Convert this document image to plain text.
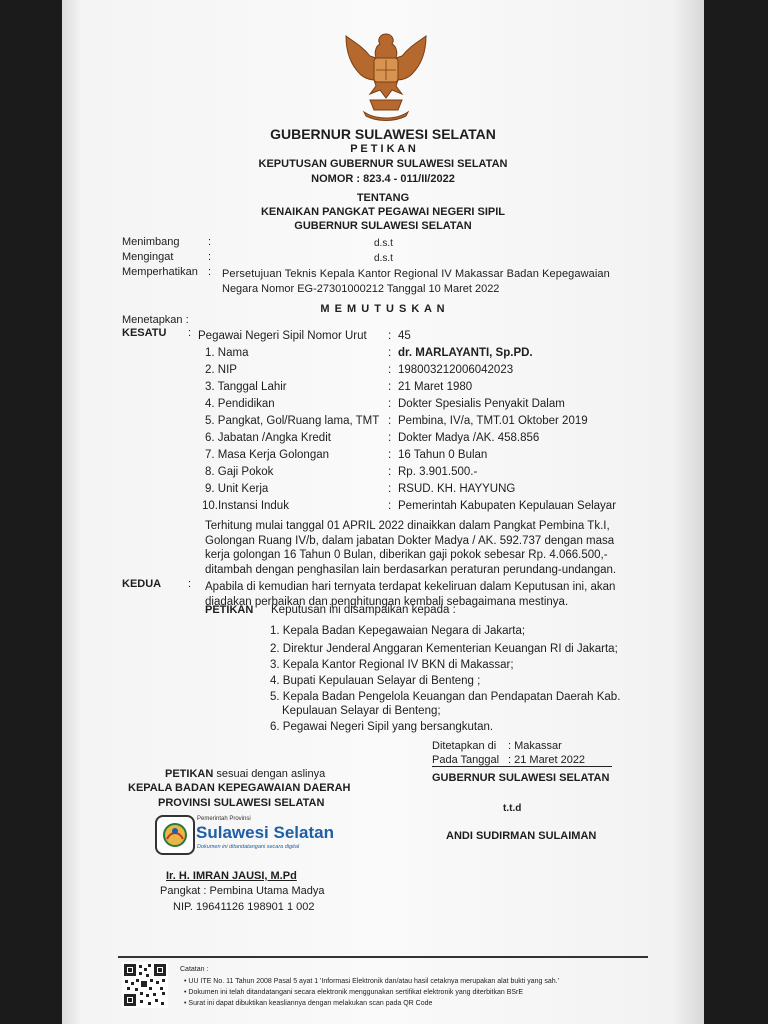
GUBERNUR SULAWESI SELATAN
P E T I K A N
KEPUTUSAN GUBERNUR SULAWESI SELATAN
NOMOR : 823.4 - 011/II/2022
TENTANG
KENAIKAN PANGKAT PEGAWAI NEGERI SIPIL
GUBERNUR SULAWESI SELATAN
Menimbang	:	d.s.t
Mengingat	:	d.s.t
Memperhatikan : Persetujuan Teknis Kepala Kantor Regional IV Makassar Badan Kepegawaian
Negara Nomor EG-27301000212 Tanggal 10 Maret 2022
M E M U T U S K A N
Menetapkan :
KESATU : Pegawai Negeri Sipil Nomor Urut	: 45
1. Nama	: dr. MARLAYANTI, Sp.PD.
2. NIP	: 198003212006042023
3. Tanggal Lahir	: 21 Maret 1980
4. Pendidikan	: Dokter Spesialis Penyakit Dalam
5. Pangkat, Gol/Ruang lama, TMT : Pembina, IV/a, TMT.01 Oktober 2019
6. Jabatan /Angka Kredit	: Dokter Madya /AK. 458.856
7. Masa Kerja Golongan	: 16 Tahun 0 Bulan
8. Gaji Pokok	: Rp. 3.901.500.-
9. Unit Kerja	: RSUD. KH. HAYYUNG
10.Instansi Induk	: Pemerintah Kabupaten Kepulauan Selayar
Terhitung mulai tanggal 01 APRIL 2022 dinaikkan dalam Pangkat Pembina Tk.I,
Golongan Ruang IV/b, dalam jabatan Dokter Madya / AK. 592.737 dengan masa
kerja golongan 16 Tahun 0 Bulan, diberikan gaji pokok sebesar Rp. 4.066.500,-
ditambah dengan penghasilan lain berdasarkan peraturan perundang-undangan.
KEDUA : Apabila di kemudian hari ternyata terdapat kekeliruan dalam Keputusan ini, akan
diadakan perbaikan dan penghitungan kembali sebagaimana mestinya.
PETIKAN Keputusan ini disampaikan kepada :
1. Kepala Badan Kepegawaian Negara di Jakarta;
2. Direktur Jenderal Anggaran Kementerian Keuangan RI di Jakarta;
3. Kepala Kantor Regional IV BKN di Makassar;
4. Bupati Kepulauan Selayar di Benteng ;
5. Kepala Badan Pengelola Keuangan dan Pendapatan Daerah Kab.
Kepulauan Selayar di Benteng;
6. Pegawai Negeri Sipil yang bersangkutan.
Ditetapkan di : Makassar
Pada Tanggal : 21 Maret 2022
GUBERNUR SULAWESI SELATAN
t.t.d
ANDI SUDIRMAN SULAIMAN
PETIKAN sesuai dengan aslinya
KEPALA BADAN KEPEGAWAIAN DAERAH
PROVINSI SULAWESI SELATAN
Pemerintah Provinsi
Sulawesi Selatan
Dokumen ini ditandatangani secara digital
Ir. H. IMRAN JAUSI, M.Pd
Pangkat : Pembina Utama Madya
NIP. 19641126 198901 1 002
Catatan :
• UU ITE No. 11 Tahun 2008 Pasal 5 ayat 1 'Informasi Elektronik dan/atau hasil cetaknya merupakan alat bukti yang sah.'
• Dokumen ini telah ditandatangani secara elektronik menggunakan sertifikat elektronik yang diterbitkan BSrE
• Surat ini dapat dibuktikan keasliannya dengan melakukan scan pada QR Code
